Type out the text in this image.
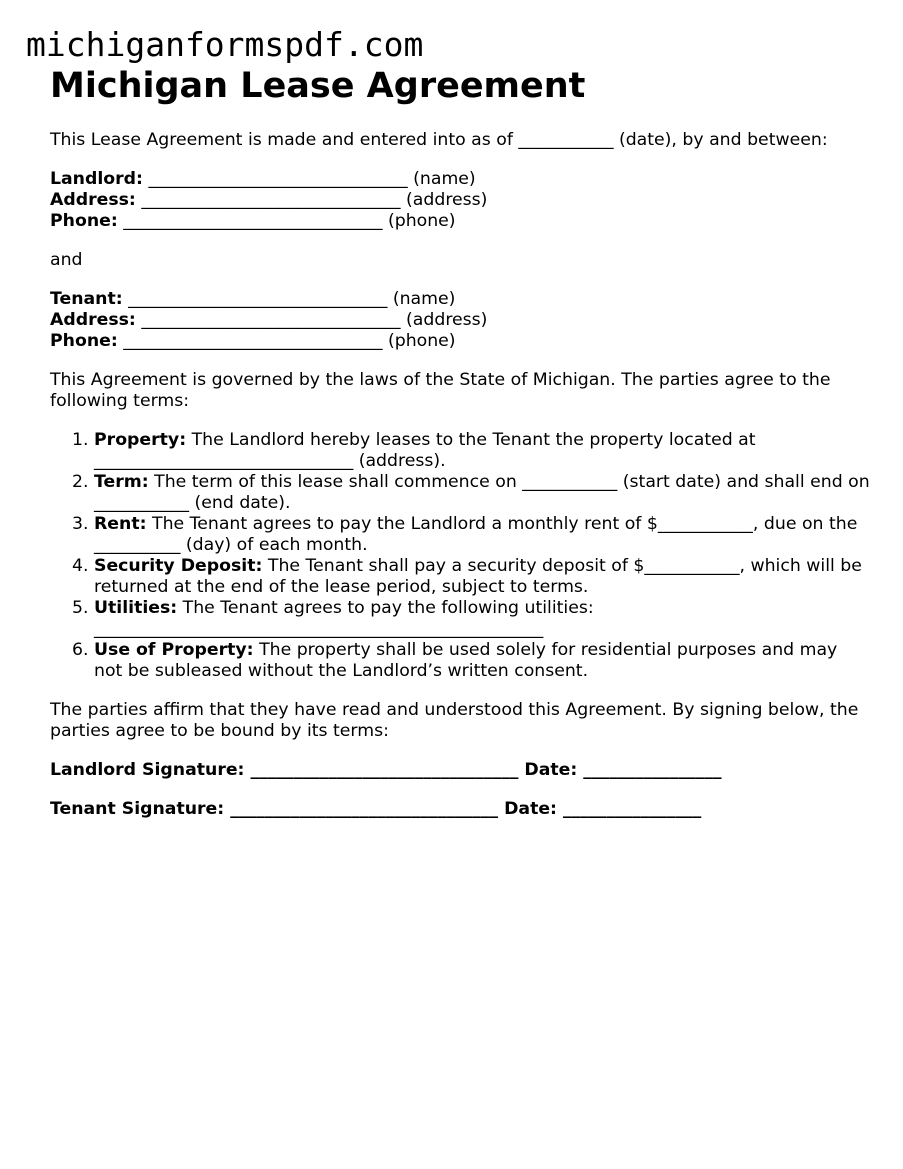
michiganformspdf.com
Michigan Lease Agreement

This Lease Agreement is made and entered into as of ___________ (date), by and between:

Landlord: ______________________________ (name)

Address: ______________________________ (address)

Phone: ______________________________ (phone)

and

Tenant: ______________________________ (name)

Address: ______________________________ (address)

Phone: ______________________________ (phone)

This Agreement is governed by the laws of the State of Michigan. The parties agree to the following terms:

1. Property: The Landlord hereby leases to the Tenant the property located at ______________________________ (address).
2. Term: The term of this lease shall commence on ___________ (start date) and shall end on ___________ (end date).
3. Rent: The Tenant agrees to pay the Landlord a monthly rent of $___________, due on the __________ (day) of each month.
4. Security Deposit: The Tenant shall pay a security deposit of $___________, which will be returned at the end of the lease period, subject to terms.
5. Utilities: The Tenant agrees to pay the following utilities: ____________________________________________________
6. Use of Property: The property shall be used solely for residential purposes and may not be subleased without the Landlord’s written consent.

The parties affirm that they have read and understood this Agreement. By signing below, the parties agree to be bound by its terms:

Landlord Signature: _______________________________ Date: ________________

Tenant Signature: _______________________________ Date: ________________
